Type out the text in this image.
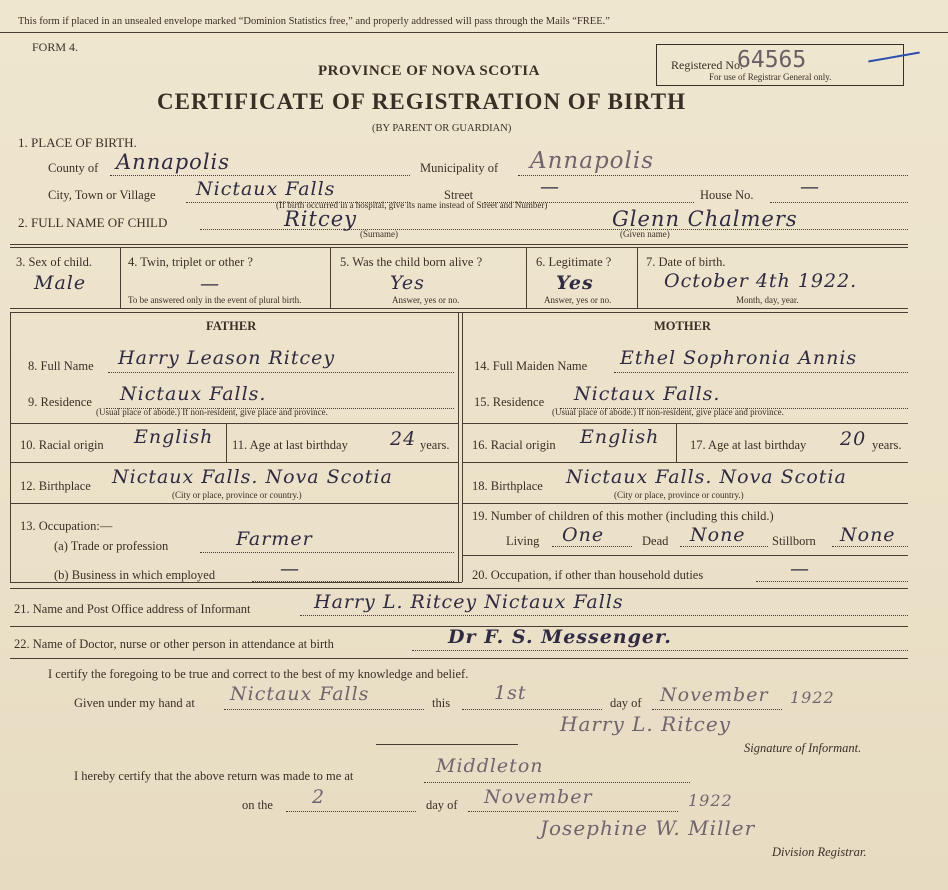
This form if placed in an unsealed envelope marked “Dominion Statistics free,” and properly addressed will pass through the Mails “FREE.”
FORM 4.
PROVINCE OF NOVA SCOTIA
CERTIFICATE OF REGISTRATION OF BIRTH
(BY PARENT OR GUARDIAN)
Registered No.
64565
For use of Registrar General only.
1. PLACE OF BIRTH.
County of Annapolis	Municipality of Annapolis
City, Town or Village Nictaux Falls	Street	—	House No. —
(If birth occurred in a hospital, give its name instead of Street and Number)
2. FULL NAME OF CHILD	Ritcey
(Surname)
Glenn Chalmers
(Given name)
3. Sex of child.
Male
4. Twin, triplet or other ?
—
To be answered only in the event of plural birth.
5. Was the child born alive ?
Yes
Answer, yes or no.
6. Legitimate ?
Yes
Answer, yes or no.
7. Date of birth.
October 4th 1922.
Month, day, year.
FATHER
8. Full Name Harry Leason Ritcey
9. Residence Nictaux Falls.
(Usual place of abode.) If non-resident, give place and province.
10. Racial origin English 11. Age at last birthday 24 years.
12. Birthplace Nictaux Falls. Nova Scotia
(City or place, province or country.)
13. Occupation:—
(a) Trade or profession	Farmer
(b) Business in which employed	—
MOTHER
14. Full Maiden Name Ethel Sophronia Annis
15. Residence Nictaux Falls.
(Usual place of abode.) If non-resident, give place and province.
16. Racial origin English 17. Age at last birthday 20 years.
18. Birthplace Nictaux Falls. Nova Scotia
(City or place, province or country.)
19. Number of children of this mother (including this child.)
Living One	Dead None Stillborn None
20. Occupation, if other than household duties	—
21. Name and Post Office address of Informant	Harry L. Ritcey Nictaux Falls
22. Name of Doctor, nurse or other person in attendance at birth	Dr F. S. Messenger.
I certify the foregoing to be true and correct to the best of my knowledge and belief.
Given under my hand at Nictaux Falls	this 1st	day of November 1922
Harry L. Ritcey
Signature of Informant.
I hereby certify that the above return was made to me at	Middleton
on the 2	day of November	1922
Josephine W. Miller
Division Registrar.
